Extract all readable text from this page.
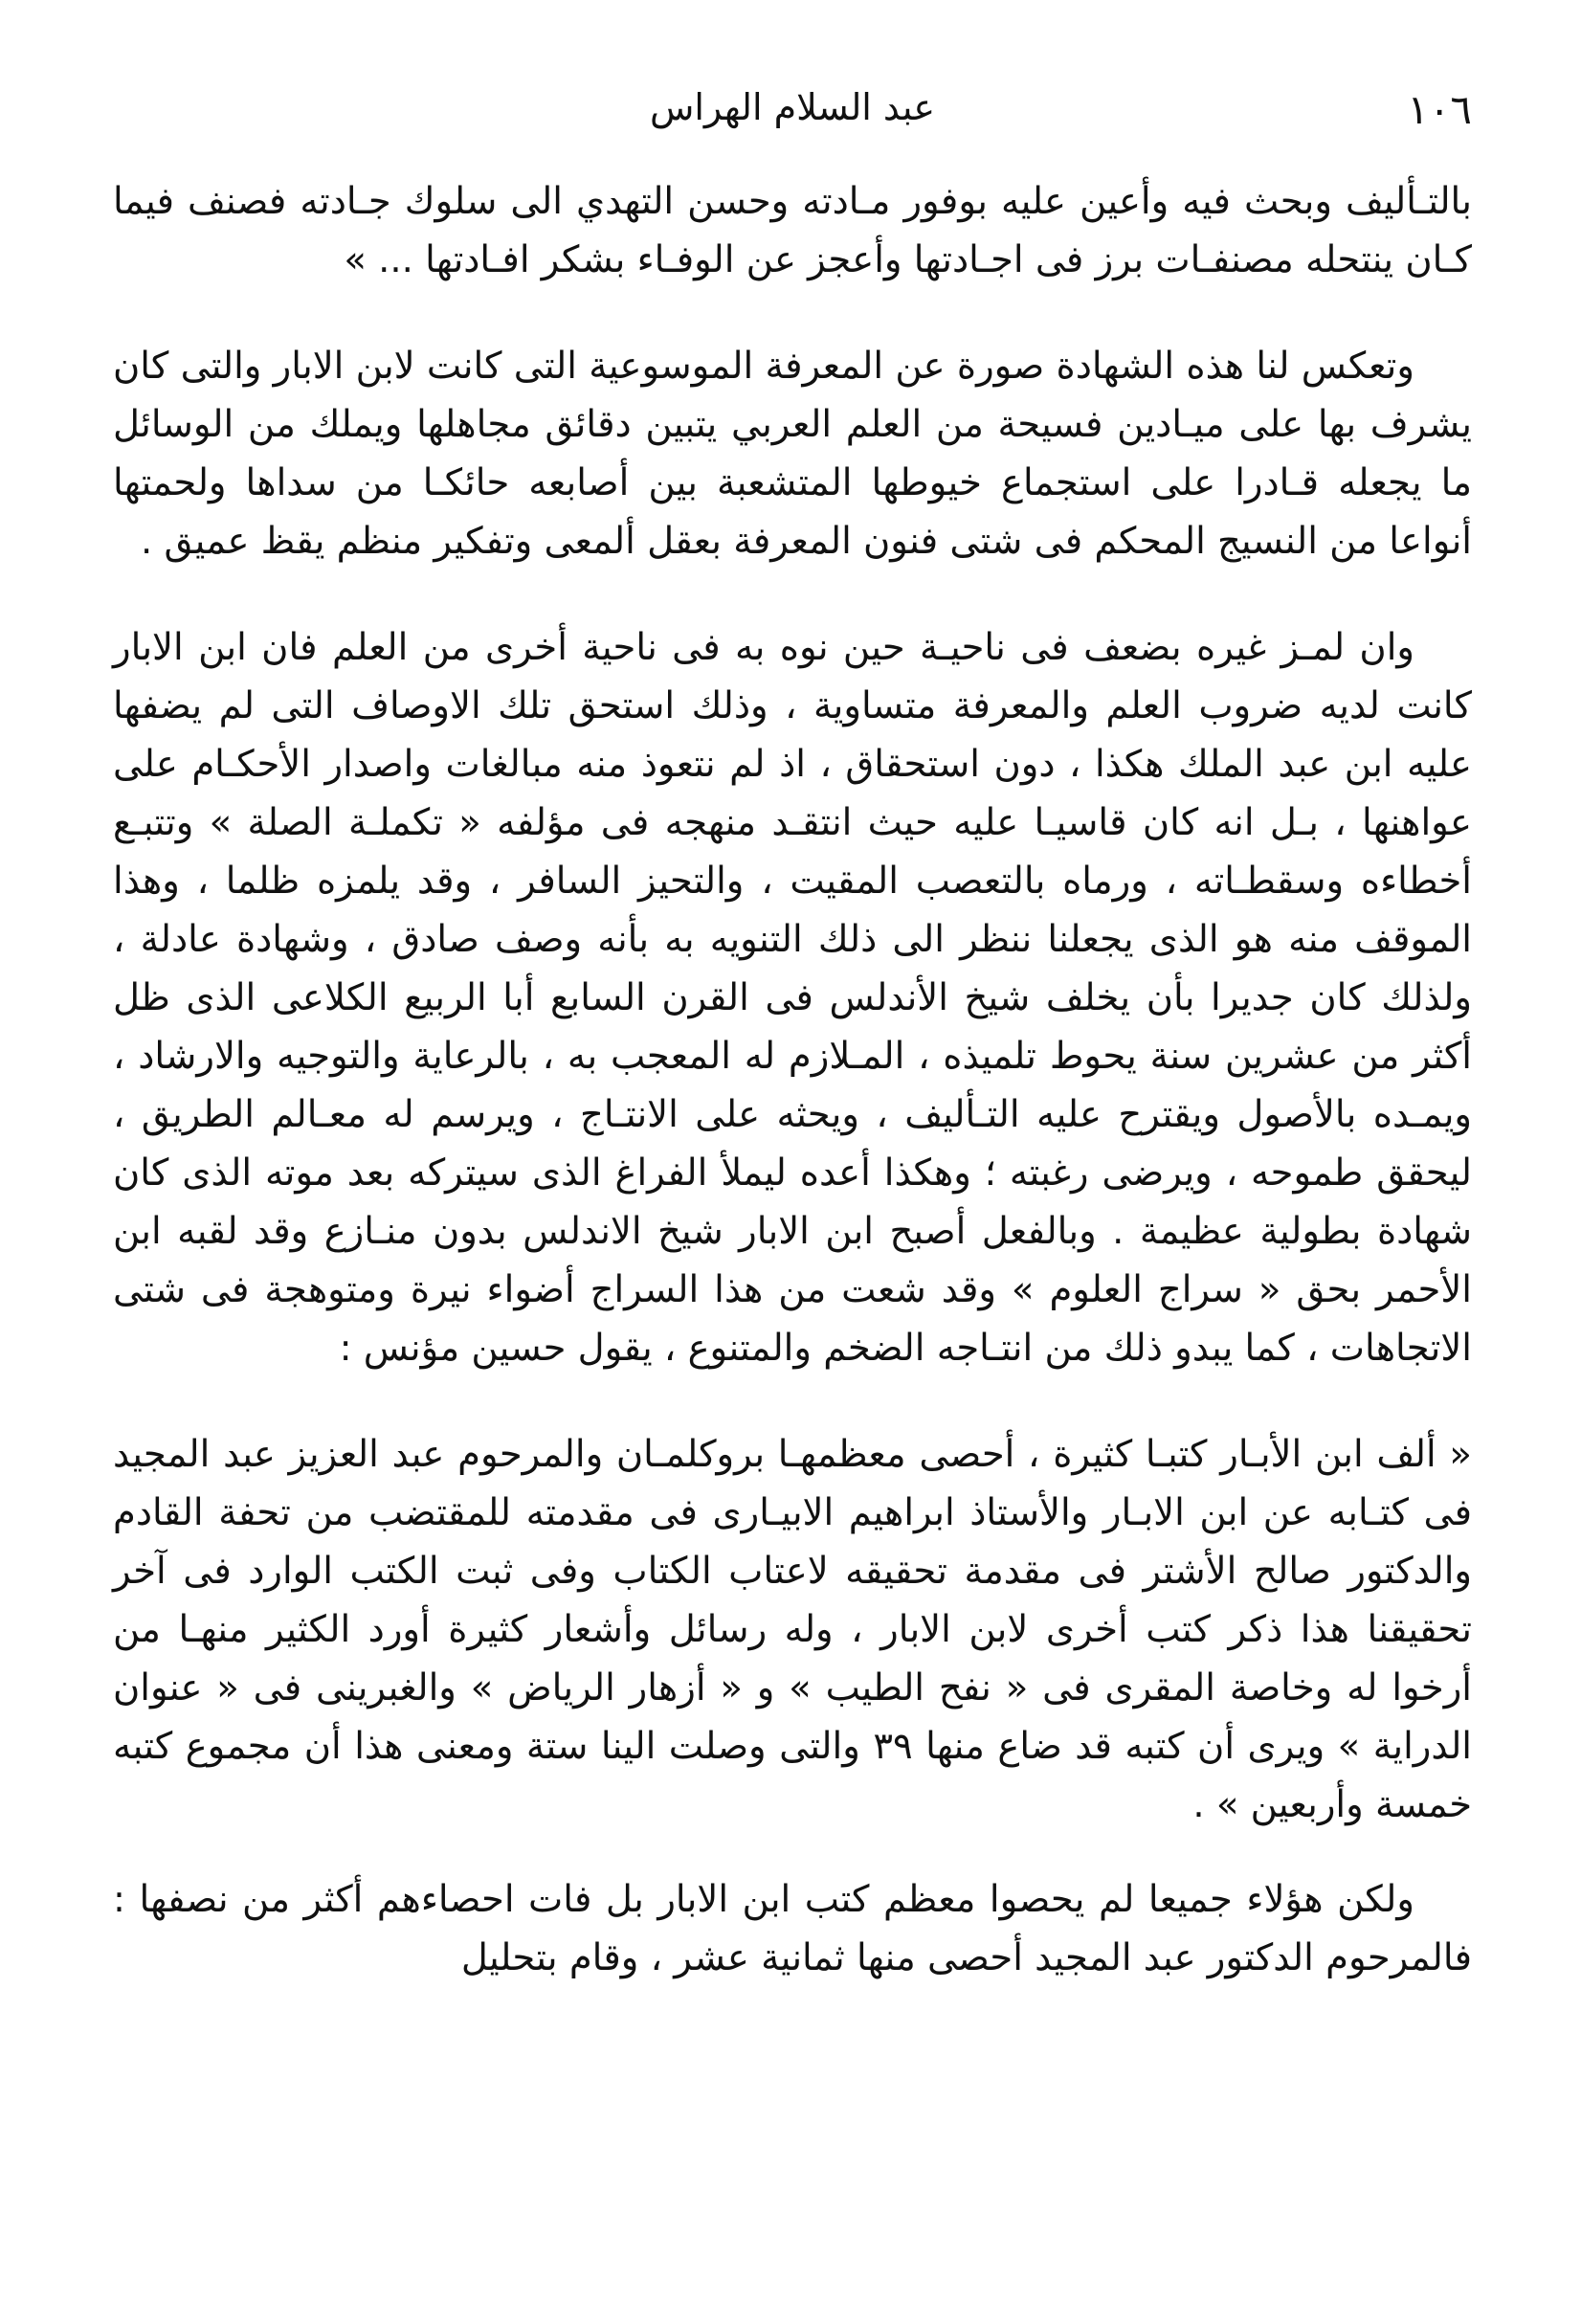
١٠٦
عبد السلام الهراس

بالتـأليف وبحث فيه وأعين عليه بوفور مـادته وحسن التهدي الى سلوك جـادته فصنف فيما كـان ينتحله مصنفـات برز فى اجـادتها وأعجز عن الوفـاء بشكر افـادتها ... »

وتعكس لنا هذه الشهادة صورة عن المعرفة الموسوعية التى كانت لابن الابار والتى كان يشرف بها على ميـادين فسيحة من العلم العربي يتبين دقائق مجاهلها ويملك من الوسائل ما يجعله قـادرا على استجماع خيوطها المتشعبة بين أصابعه حائكـا من سداها ولحمتها أنواعا من النسيج المحكم فى شتى فنون المعرفة بعقل ألمعى وتفكير منظم يقظ عميق .

وان لمـز غيره بضعف فى ناحيـة حين نوه به فى ناحية أخرى من العلم فان ابن الابار كانت لديه ضروب العلم والمعرفة متساوية ، وذلك استحق تلك الاوصاف التى لم يضفها عليه ابن عبد الملك هكذا ، دون استحقاق ، اذ لم نتعوذ منه مبالغات واصدار الأحكـام على عواهنها ، بـل انه كان قاسيـا عليه حيث انتقـد منهجه فى مؤلفه « تكملـة الصلة » وتتبـع أخطاءه وسقطـاته ، ورماه بالتعصب المقيت ، والتحيز السافر ، وقد يلمزه ظلما ، وهذا الموقف منه هو الذى يجعلنا ننظر الى ذلك التنويه به بأنه وصف صادق ، وشهادة عادلة ، ولذلك كان جديرا بأن يخلف شيخ الأندلس فى القرن السابع أبا الربيع الكلاعى الذى ظل أكثر من عشرين سنة يحوط تلميذه ، المـلازم له المعجب به ، بالرعاية والتوجيه والارشاد ، ويمـده بالأصول ويقترح عليه التـأليف ، ويحثه على الانتـاج ، ويرسم له معـالم الطريق ، ليحقق طموحه ، ويرضى رغبته ؛ وهكذا أعده ليملأ الفراغ الذى سيتركه بعد موته الذى كان شهادة بطولية عظيمة . وبالفعل أصبح ابن الابار شيخ الاندلس بدون منـازع وقد لقبه ابن الأحمر بحق « سراج العلوم » وقد شعت من هذا السراج أضواء نيرة ومتوهجة فى شتى الاتجاهات ، كما يبدو ذلك من انتـاجه الضخم والمتنوع ، يقول حسين مؤنس :

« ألف ابن الأبـار كتبـا كثيرة ، أحصى معظمهـا بروكلمـان والمرحوم عبد العزيز عبد المجيد فى كتـابه عن ابن الابـار والأستاذ ابراهيم الابيـارى فى مقدمته للمقتضب من تحفة القادم والدكتور صالح الأشتر فى مقدمة تحقيقه لاعتاب الكتاب وفى ثبت الكتب الوارد فى آخر تحقيقنا هذا ذكر كتب أخرى لابن الابار ، وله رسائل وأشعار كثيرة أورد الكثير منهـا من أرخوا له وخاصة المقرى فى « نفح الطيب » و « أزهار الرياض » والغبرينى فى « عنوان الدراية » ويرى أن كتبه قد ضاع منها ٣٩ والتى وصلت الينا ستة ومعنى هذا أن مجموع كتبه خمسة وأربعين » .

ولكن هؤلاء جميعا لم يحصوا معظم كتب ابن الابار بل فات احصاءهم أكثر من نصفها : فالمرحوم الدكتور عبد المجيد أحصى منها ثمانية عشر ، وقام بتحليل
